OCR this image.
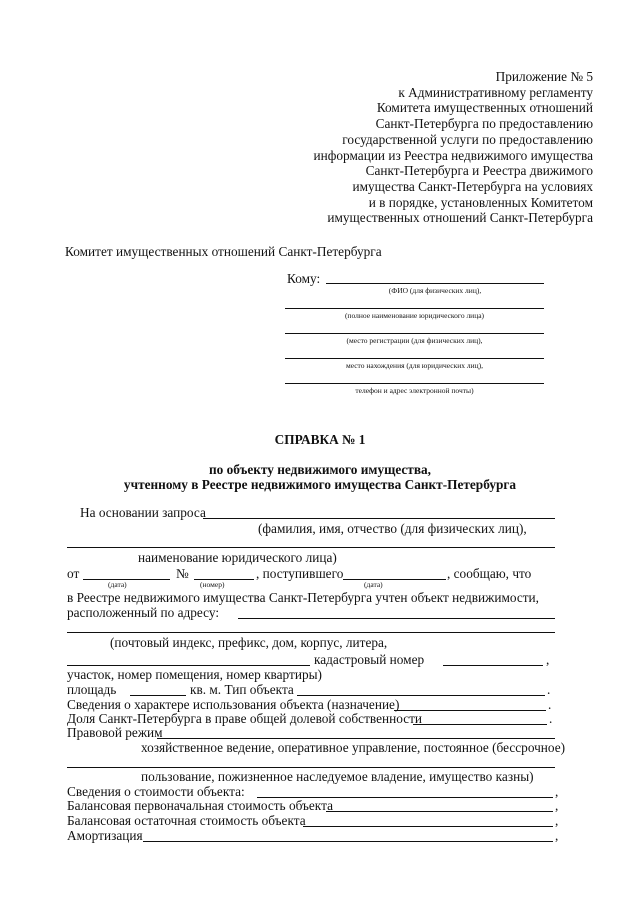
Приложение № 5
к Административному регламенту
Комитета имущественных отношений
Санкт-Петербурга по предоставлению
государственной услуги по предоставлению
информации из Реестра недвижимого имущества
Санкт-Петербурга и Реестра движимого
имущества Санкт-Петербурга на условиях
и в порядке, установленных Комитетом
имущественных отношений Санкт-Петербурга
Комитет имущественных отношений Санкт-Петербурга
Кому:
(ФИО (для физических лиц),
(полное наименование юридического лица)
(место регистрации (для физических лиц),
место нахождения (для юридических лиц),
телефон и адрес электронной почты)
СПРАВКА № 1
по объекту недвижимого имущества,
учтенному в Реестре недвижимого имущества Санкт-Петербурга
На основании запроса
(фамилия, имя, отчество (для физических лиц),
наименование юридического лица)
от	№	, поступившего	, сообщаю, что
(дата)	(номер)	(дата)
в Реестре недвижимого имущества Санкт-Петербурга учтен объект недвижимости,
расположенный по адресу:
(почтовый индекс, префикс, дом, корпус, литера,
кадастровый номер	,
участок, номер помещения, номер квартиры)
площадь	кв. м. Тип объекта	.
Сведения о характере использования объекта (назначение)	.
Доля Санкт-Петербурга в праве общей долевой собственности	.
Правовой режим
хозяйственное ведение, оперативное управление, постоянное (бессрочное)
пользование, пожизненное наследуемое владение, имущество казны)
Сведения о стоимости объекта:	,
Балансовая первоначальная стоимость объекта	,
Балансовая остаточная стоимость объекта	,
Амортизация	,
